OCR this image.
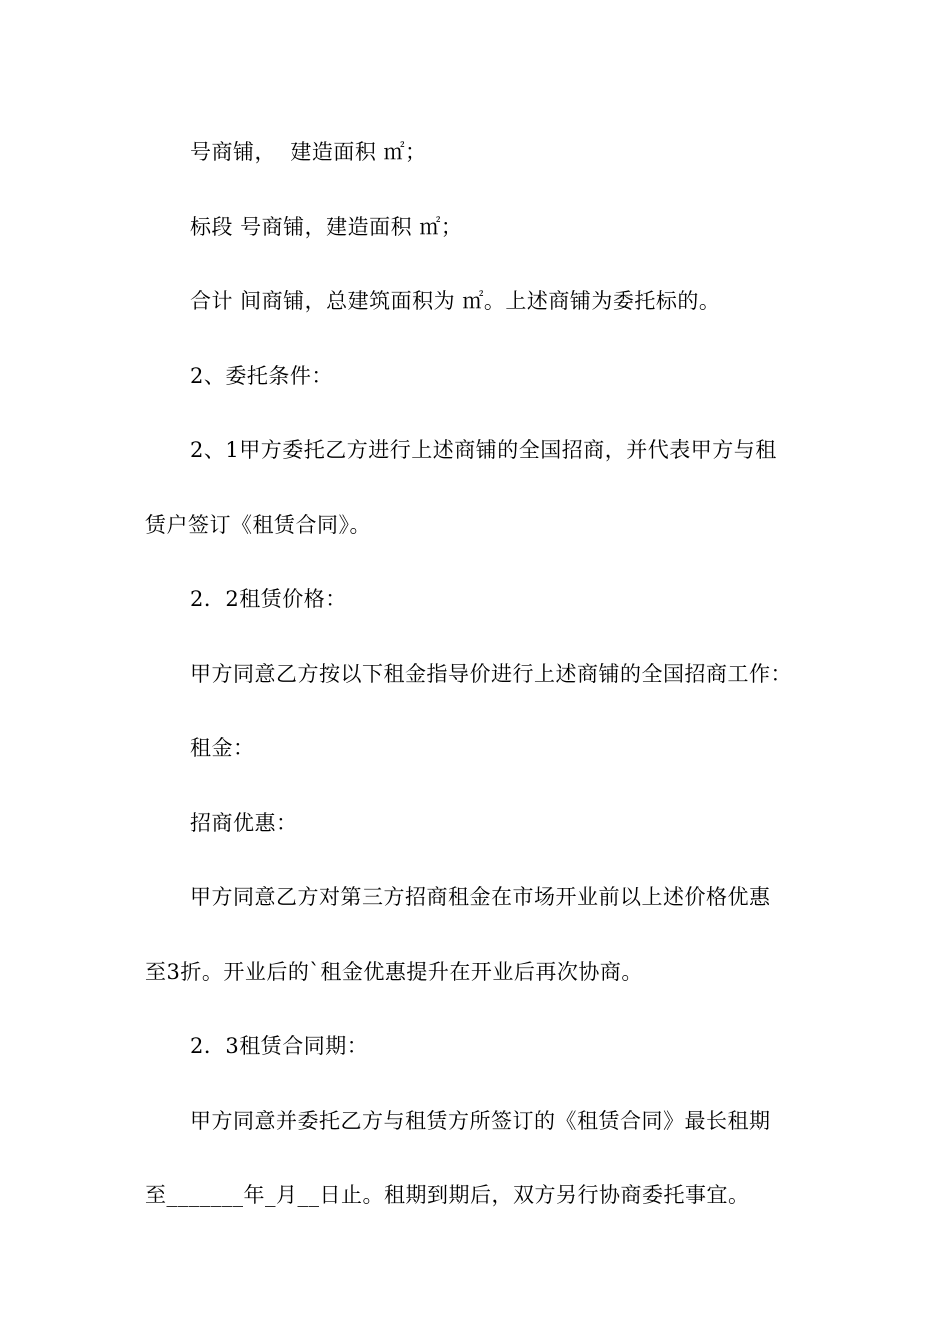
号商铺，  建造面积 ㎡；
标段 号商铺，建造面积 ㎡；
合计 间商铺，总建筑面积为 ㎡。上述商铺为委托标的。
2、委托条件：
2、1甲方委托乙方进行上述商铺的全国招商，并代表甲方与租
赁户签订《租赁合同》。
2．2租赁价格：
甲方同意乙方按以下租金指导价进行上述商铺的全国招商工作：
租金：
招商优惠：
甲方同意乙方对第三方招商租金在市场开业前以上述价格优惠
至3折。开业后的`租金优惠提升在开业后再次协商。
2．3租赁合同期：
甲方同意并委托乙方与租赁方所签订的《租赁合同》最长租期
至_______年_月__日止。租期到期后，双方另行协商委托事宜。
